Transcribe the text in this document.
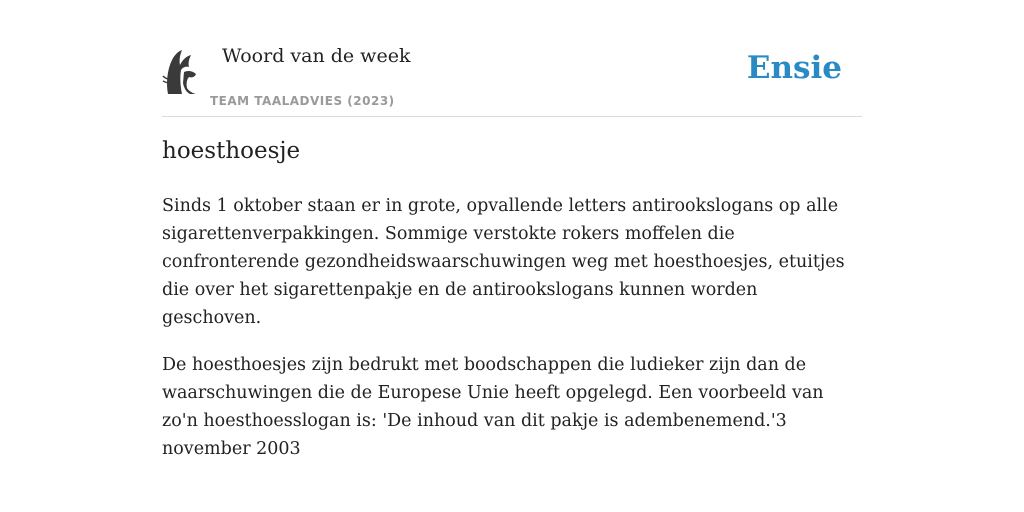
Woord van de week
TEAM TAALADVIES (2023)
Ensie
hoesthoesje

Sinds 1 oktober staan er in grote, opvallende letters antirookslogans op alle sigarettenverpakkingen. Sommige verstokte rokers moffelen die confronterende gezondheidswaarschuwingen weg met hoesthoesjes, etuitjes die over het sigarettenpakje en de antirookslogans kunnen worden geschoven.

De hoesthoesjes zijn bedrukt met boodschappen die ludieker zijn dan de waarschuwingen die de Europese Unie heeft opgelegd. Een voorbeeld van zo'n hoesthoesslogan is: 'De inhoud van dit pakje is adembenemend.'3 november 2003
